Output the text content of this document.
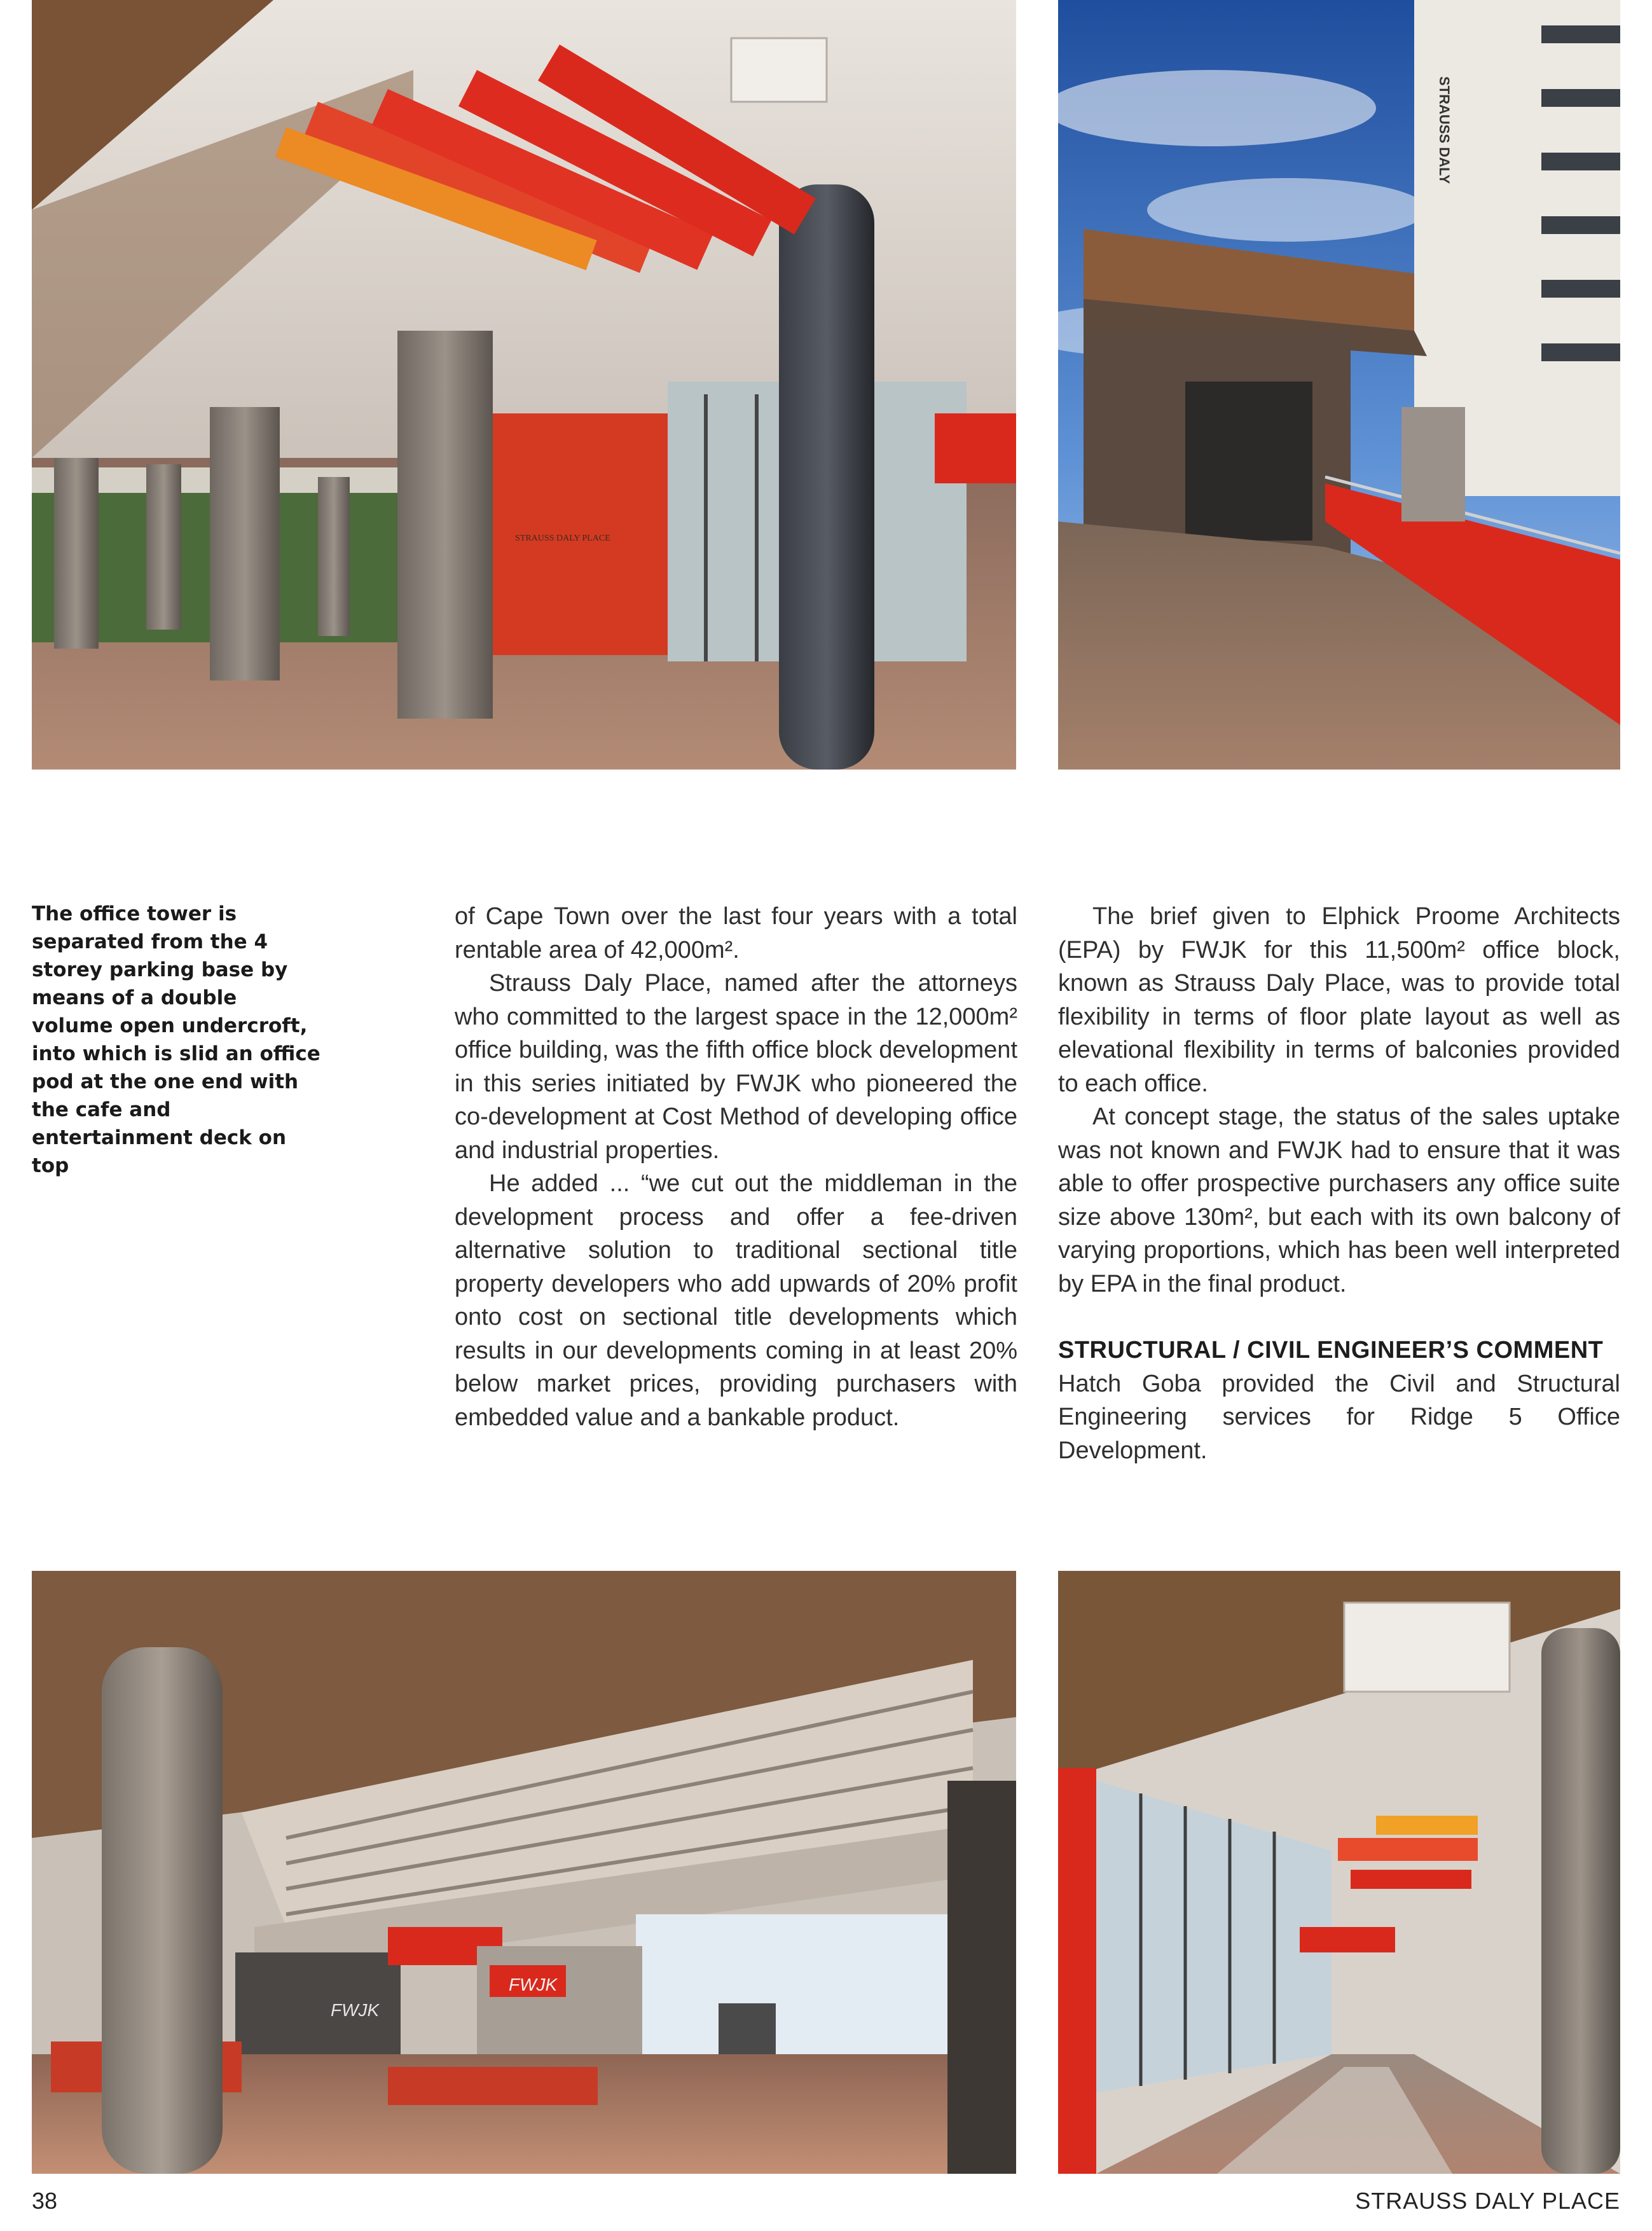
STRAUSS DALY PLACE
STRAUSS DALY
The office tower is separated from the 4 storey parking base by means of a double volume open undercroft, into which is slid an office pod at the one end with the cafe and entertainment deck on top

of Cape Town over the last four years with a total rentable area of 42,000m².

Strauss Daly Place, named after the attorneys who committed to the largest space in the 12,000m² office building, was the fifth office block development in this series initiated by FWJK who pioneered the co-development at Cost Method of developing office and industrial properties.

He added ... “we cut out the middleman in the development process and offer a fee-driven alternative solution to traditional sectional title property developers who add upwards of 20% profit onto cost on sectional title developments which results in our developments coming in at least 20% below market prices, providing purchasers with embedded value and a bankable product.

The brief given to Elphick Proome Architects (EPA) by FWJK for this 11,500m² office block, known as Strauss Daly Place, was to provide total flexibility in terms of floor plate layout as well as elevational flexibility in terms of balconies provided to each office.

At concept stage, the status of the sales uptake was not known and FWJK had to ensure that it was able to offer prospective purchasers any office suite size above 130m², but each with its own balcony of varying proportions, which has been well interpreted by EPA in the final product.

STRUCTURAL / CIVIL ENGINEER’S COMMENT

Hatch Goba provided the Civil and Structural Engineering services for Ridge 5 Office Development.

FWJK
FWJK
38	STRAUSS DALY PLACE
